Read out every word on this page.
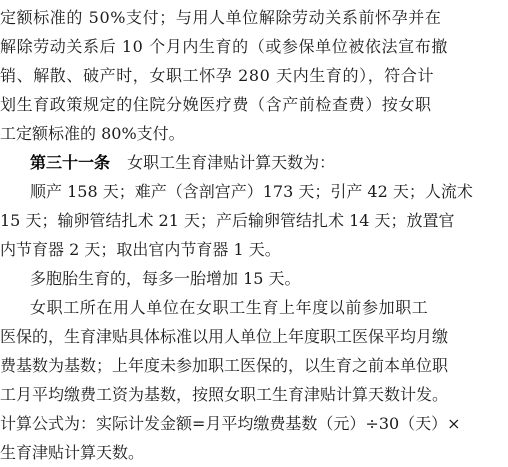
定额标准的 50%支付；与用人单位解除劳动关系前怀孕并在
解除劳动关系后 10 个月内生育的（或参保单位被依法宣布撤
销、解散、破产时，女职工怀孕 280 天内生育的），符合计
划生育政策规定的住院分娩医疗费（含产前检查费）按女职
工定额标准的 80%支付。
第三十一条 女职工生育津贴计算天数为：
顺产 158 天；难产（含剖宫产）173 天；引产 42 天；人流术
15 天；输卵管结扎术 21 天；产后输卵管结扎术 14 天；放置官
内节育器 2 天；取出官内节育器 1 天。
多胞胎生育的，每多一胎增加 15 天。
女职工所在用人单位在女职工生育上年度以前参加职工
医保的，生育津贴具体标准以用人单位上年度职工医保平均月缴
费基数为基数；上年度未参加职工医保的，以生育之前本单位职
工月平均缴费工资为基数，按照女职工生育津贴计算天数计发。
计算公式为：实际计发金额=月平均缴费基数（元）÷30（天）×
生育津贴计算天数。
